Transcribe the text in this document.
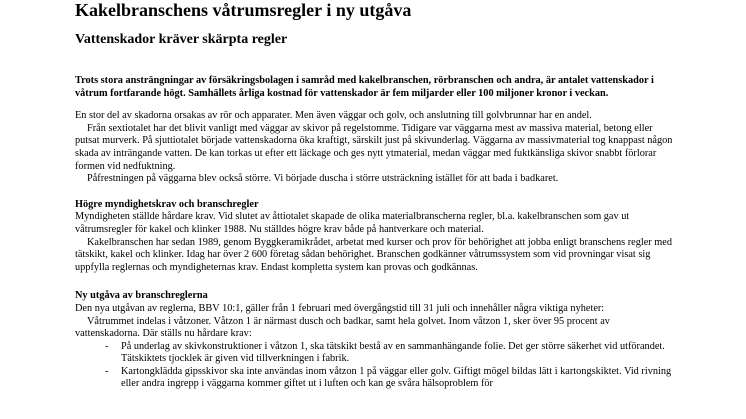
Kakelbranschens våtrumsregler i ny utgåva
Vattenskador kräver skärpta regler

Trots stora ansträngningar av försäkringsbolagen i samråd med kakelbranschen, rörbranschen och andra, är antalet vattenskador i våtrum fortfarande högt. Samhällets årliga kostnad för vattenskador är fem miljarder eller 100 miljoner kronor i veckan.

En stor del av skadorna orsakas av rör och apparater. Men även väggar och golv, och anslutning till golvbrunnar har en andel.

Från sextiotalet har det blivit vanligt med väggar av skivor på regelstomme. Tidigare var väggarna mest av massiva material, betong eller putsat murverk. På sjuttiotalet började vattenskadorna öka kraftigt, särskilt just på skivunderlag. Väggarna av massivmaterial tog knappast någon skada av inträngande vatten. De kan torkas ut efter ett läckage och ges nytt ytmaterial, medan väggar med fuktkänsliga skivor snabbt förlorar formen vid nedfuktning.

Påfrestningen på väggarna blev också större. Vi började duscha i större utsträckning istället för att bada i badkaret.

Högre myndighetskrav och branschregler

Myndigheten ställde hårdare krav. Vid slutet av åttiotalet skapade de olika materialbranscherna regler, bl.a. kakelbranschen som gav ut våtrumsregler för kakel och klinker 1988. Nu ställdes högre krav både på hantverkare och material.

Kakelbranschen har sedan 1989, genom Byggkeramikrådet, arbetat med kurser och prov för behörighet att jobba enligt branschens regler med tätskikt, kakel och klinker. Idag har över 2 600 företag sådan behörighet. Branschen godkänner våtrumssystem som vid provningar visat sig uppfylla reglernas och myndigheternas krav. Endast kompletta system kan provas och godkännas.

Ny utgåva av branschreglerna

Den nya utgåvan av reglerna, BBV 10:1, gäller från 1 februari med övergångstid till 31 juli och innehåller några viktiga nyheter:

Våtrummet indelas i våtzoner. Våtzon 1 är närmast dusch och badkar, samt hela golvet. Inom våtzon 1, sker över 95 procent av vattenskadorna. Där ställs nu hårdare krav:

- På underlag av skivkonstruktioner i våtzon 1, ska tätskikt bestå av en sammanhängande folie. Det ger större säkerhet vid utförandet. Tätskiktets tjocklek är given vid tillverkningen i fabrik.
- Kartongklädda gipsskivor ska inte användas inom våtzon 1 på väggar eller golv. Giftigt mögel bildas lätt i kartongskiktet. Vid rivning eller andra ingrepp i väggarna kommer giftet ut i luften och kan ge svåra hälsoproblem för
